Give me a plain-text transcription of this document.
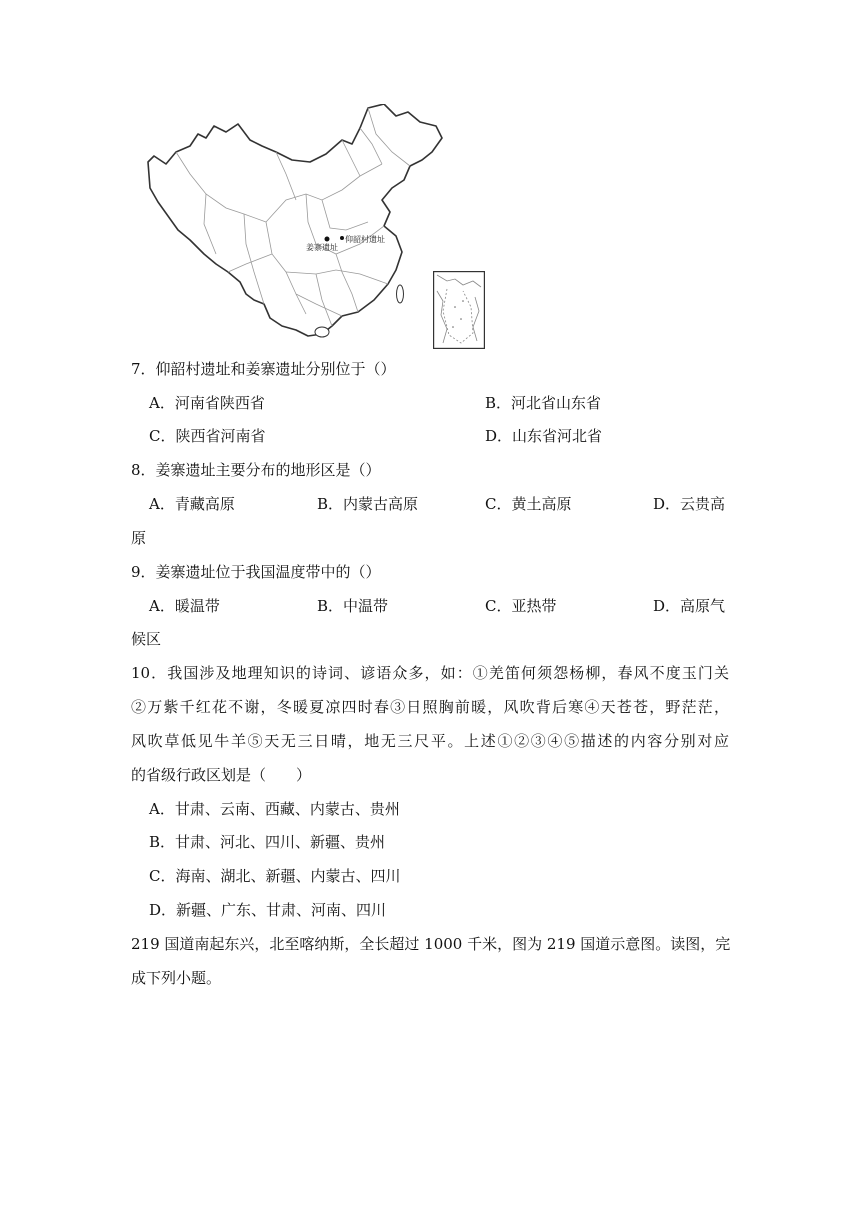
仰韶村遗址
姜寨遗址
7．仰韶村遗址和姜寨遗址分别位于（）
A．河南省陕西省	B．河北省山东省
C．陕西省河南省	D．山东省河北省
8．姜寨遗址主要分布的地形区是（）
A．青藏高原	B．内蒙古高原	C．黄土高原	D．云贵高
原
9．姜寨遗址位于我国温度带中的（）
A．暖温带	B．中温带	C．亚热带	D．高原气
候区
10．我国涉及地理知识的诗词、谚语众多，如：①羌笛何须怨杨柳，春风不度玉门关
②万紫千红花不谢，冬暖夏凉四时春③日照胸前暖，风吹背后寒④天苍苍，野茫茫，
风吹草低见牛羊⑤天无三日晴，地无三尺平。上述①②③④⑤描述的内容分别对应
的省级行政区划是（　　）
A．甘肃、云南、西藏、内蒙古、贵州
B．甘肃、河北、四川、新疆、贵州
C．海南、湖北、新疆、内蒙古、四川
D．新疆、广东、甘肃、河南、四川
219 国道南起东兴，北至喀纳斯，全长超过 1000 千米，图为 219 国道示意图。读图，完
成下列小题。
